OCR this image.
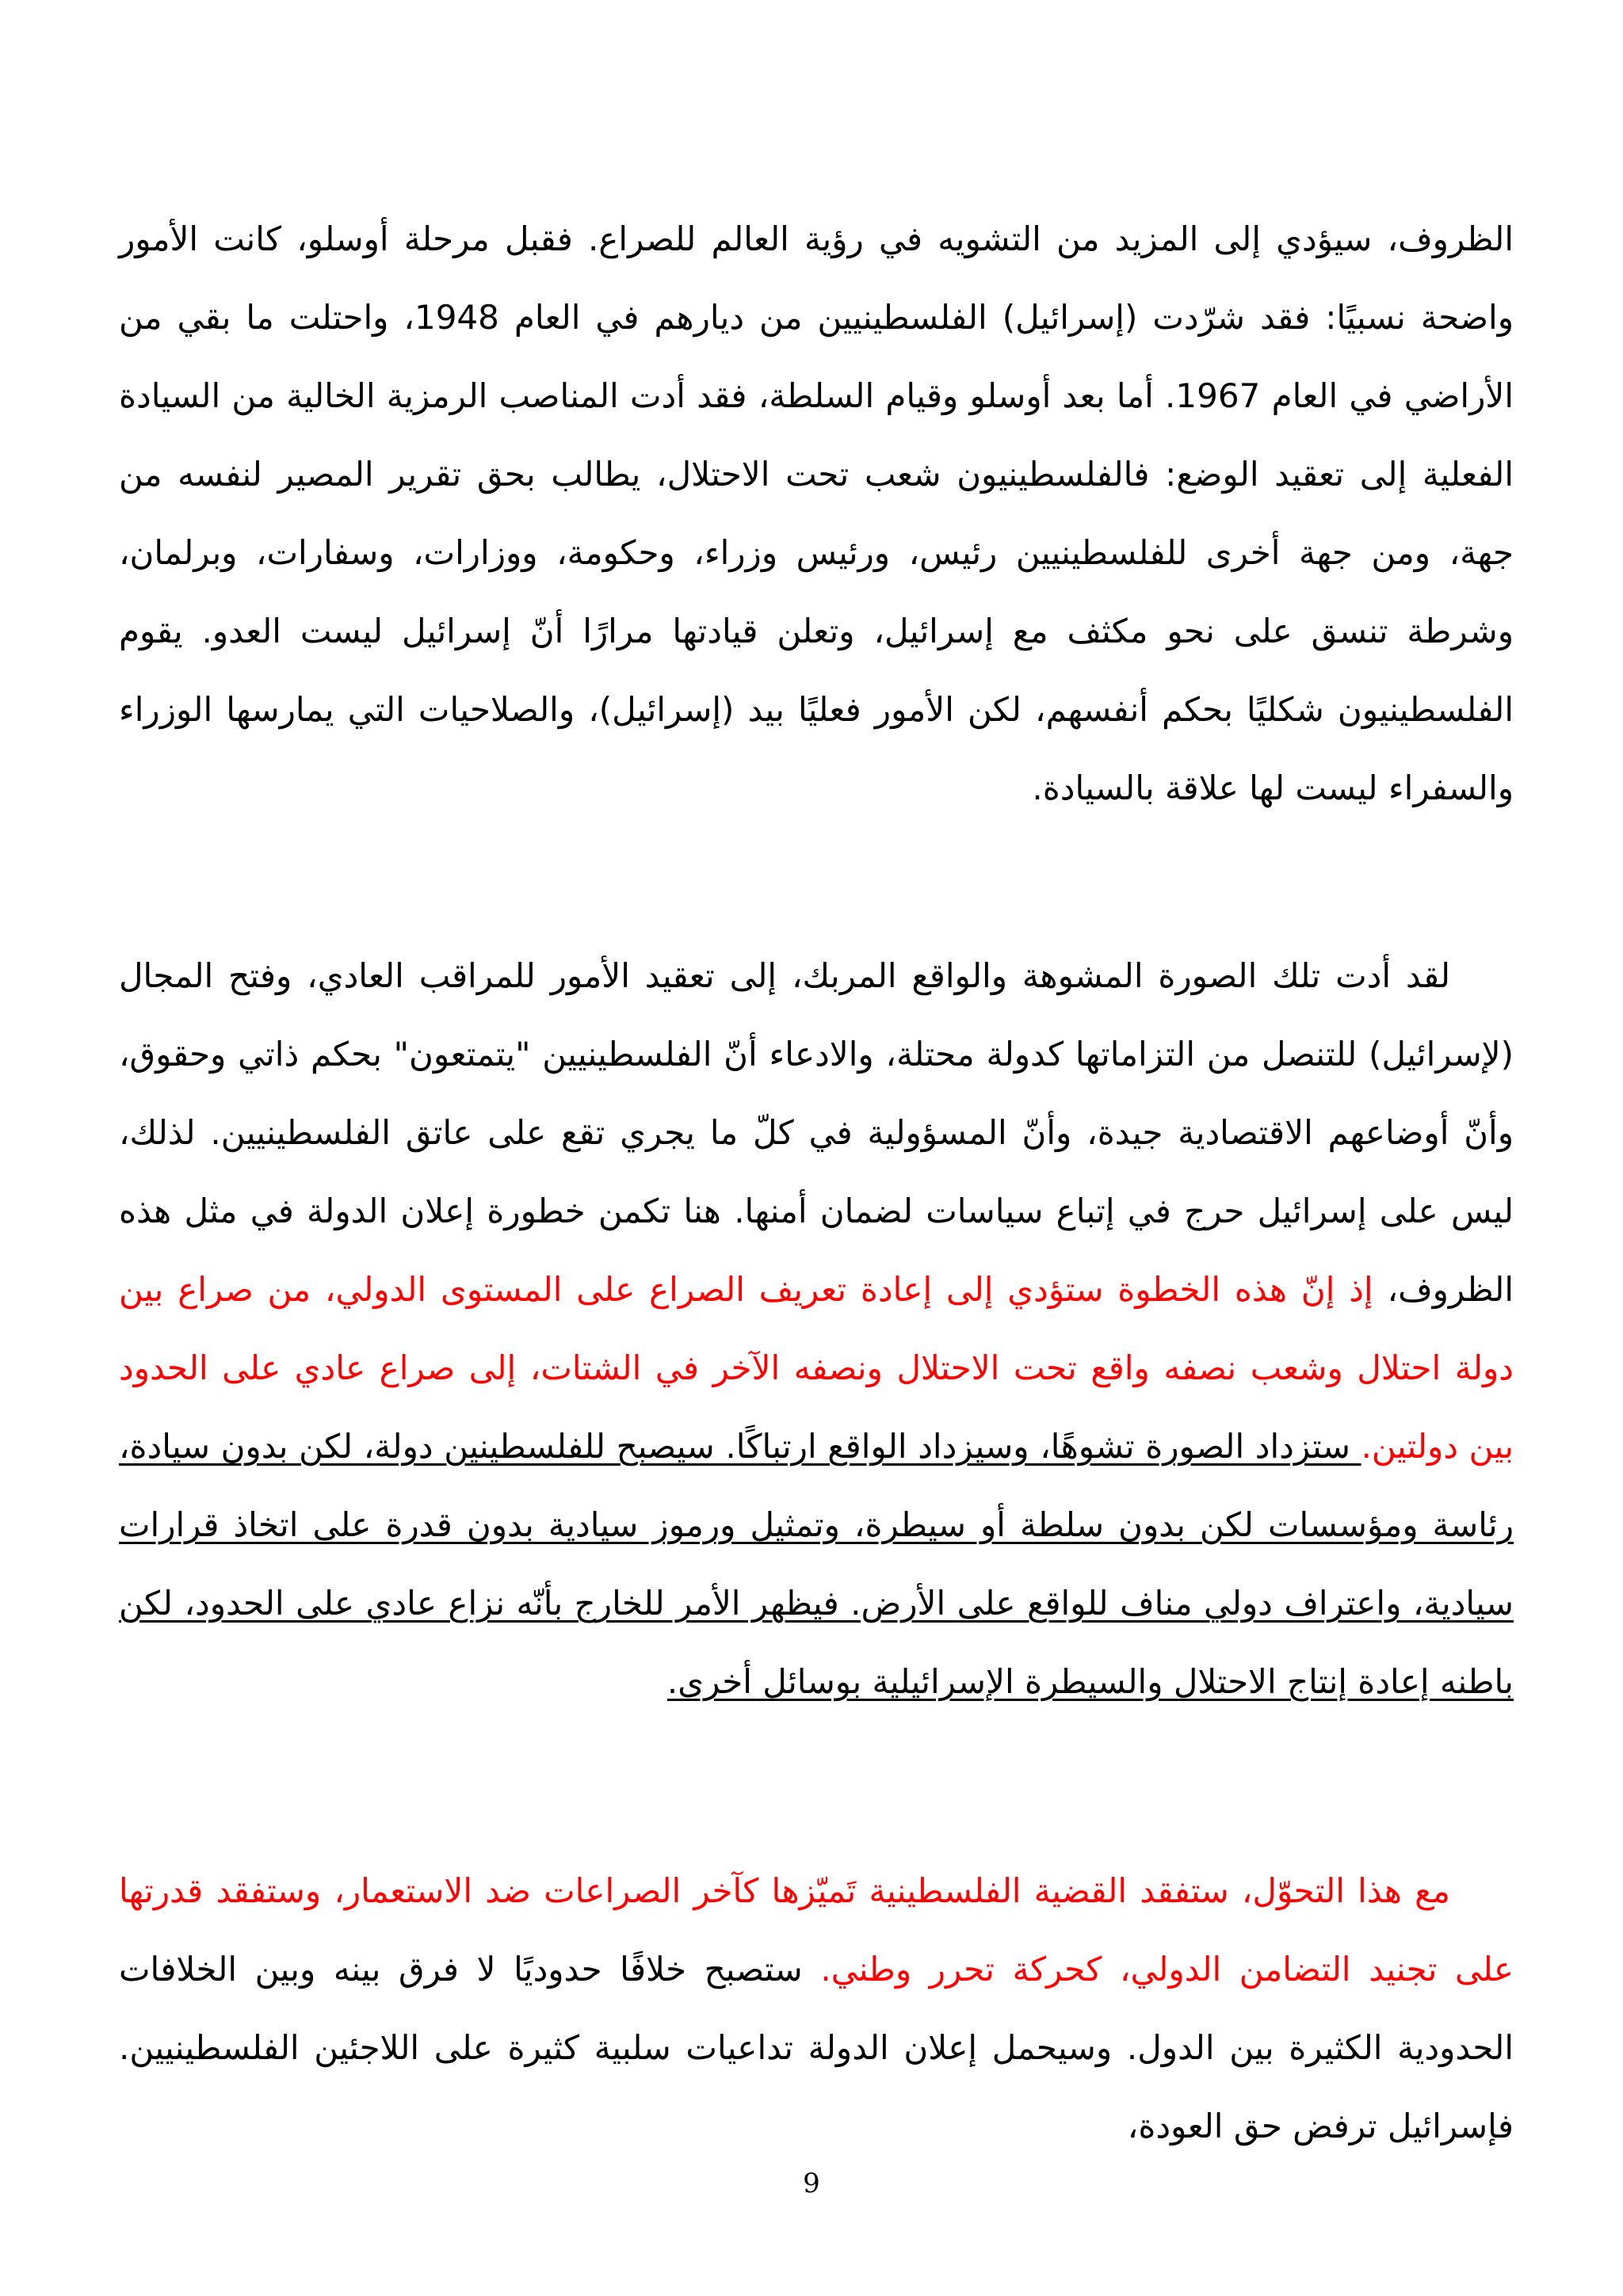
الظروف، سيؤدي إلى المزيد من التشويه في رؤية العالم للصراع. فقبل مرحلة أوسلو، كانت الأمور واضحة نسبيًا: فقد شرّدت (إسرائيل) الفلسطينيين من ديارهم في العام 1948، واحتلت ما بقي من الأراضي في العام 1967. أما بعد أوسلو وقيام السلطة، فقد أدت المناصب الرمزية الخالية من السيادة الفعلية إلى تعقيد الوضع: فالفلسطينيون شعب تحت الاحتلال، يطالب بحق تقرير المصير لنفسه من جهة، ومن جهة أخرى للفلسطينيين رئيس، ورئيس وزراء، وحكومة، ووزارات، وسفارات، وبرلمان، وشرطة تنسق على نحو مكثف مع إسرائيل، وتعلن قيادتها مرارًا أنّ إسرائيل ليست العدو. يقوم الفلسطينيون شكليًا بحكم أنفسهم، لكن الأمور فعليًا بيد (إسرائيل)، والصلاحيات التي يمارسها الوزراء والسفراء ليست لها علاقة بالسيادة.

لقد أدت تلك الصورة المشوهة والواقع المربك، إلى تعقيد الأمور للمراقب العادي، وفتح المجال (لإسرائيل) للتنصل من التزاماتها كدولة محتلة، والادعاء أنّ الفلسطينيين "يتمتعون" بحكم ذاتي وحقوق، وأنّ أوضاعهم الاقتصادية جيدة، وأنّ المسؤولية في كلّ ما يجري تقع على عاتق الفلسطينيين. لذلك، ليس على إسرائيل حرج في إتباع سياسات لضمان أمنها. هنا تكمن خطورة إعلان الدولة في مثل هذه الظروف، إذ إنّ هذه الخطوة ستؤدي إلى إعادة تعريف الصراع على المستوى الدولي، من صراع بين دولة احتلال وشعب نصفه واقع تحت الاحتلال ونصفه الآخر في الشتات، إلى صراع عادي على الحدود بين دولتين. ستزداد الصورة تشوهًا، وسيزداد الواقع ارتباكًا. سيصبح للفلسطينين دولة، لكن بدون سيادة، رئاسة ومؤسسات لكن بدون سلطة أو سيطرة، وتمثيل ورموز سيادية بدون قدرة على اتخاذ قرارات سيادية، واعتراف دولي مناف للواقع على الأرض. فيظهر الأمر للخارج بأنّه نزاع عادي على الحدود، لكن باطنه إعادة إنتاج الاحتلال والسيطرة الإسرائيلية بوسائل أخرى.

مع هذا التحوّل، ستفقد القضية الفلسطينية تَميّزها كآخر الصراعات ضد الاستعمار، وستفقد قدرتها على تجنيد التضامن الدولي، كحركة تحرر وطني. ستصبح خلافًا حدوديًا لا فرق بينه وبين الخلافات الحدودية الكثيرة بين الدول. وسيحمل إعلان الدولة تداعيات سلبية كثيرة على اللاجئين الفلسطينيين. فإسرائيل ترفض حق العودة،

9
